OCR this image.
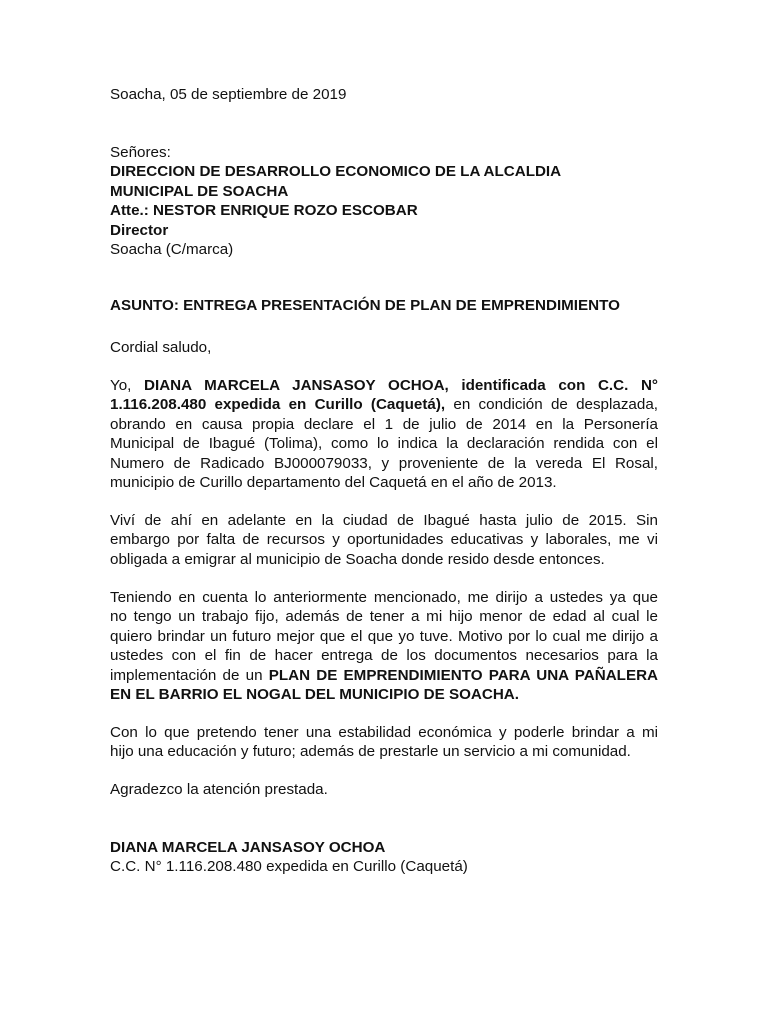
Soacha, 05 de septiembre de 2019
Señores:
DIRECCION DE DESARROLLO ECONOMICO DE LA ALCALDIA
MUNICIPAL DE SOACHA
Atte.: NESTOR ENRIQUE ROZO ESCOBAR
Director
Soacha (C/marca)
ASUNTO: ENTREGA PRESENTACIÓN DE PLAN DE EMPRENDIMIENTO
Cordial saludo,
Yo, DIANA MARCELA JANSASOY OCHOA, identificada con C.C. N°
1.116.208.480 expedida en Curillo (Caquetá), en condición de desplazada,
obrando en causa propia declare el 1 de julio de 2014 en la Personería
Municipal de Ibagué (Tolima), como lo indica la declaración rendida con el
Numero de Radicado BJ000079033, y proveniente de la vereda El Rosal,
municipio de Curillo departamento del Caquetá en el año de 2013.
Viví de ahí en adelante en la ciudad de Ibagué hasta julio de 2015. Sin
embargo por falta de recursos y oportunidades educativas y laborales, me vi
obligada a emigrar al municipio de Soacha donde resido desde entonces.
Teniendo en cuenta lo anteriormente mencionado, me dirijo a ustedes ya que
no tengo un trabajo fijo, además de tener a mi hijo menor de edad al cual le
quiero brindar un futuro mejor que el que yo tuve. Motivo por lo cual me dirijo a
ustedes con el fin de hacer entrega de los documentos necesarios para la
implementación de un PLAN DE EMPRENDIMIENTO PARA UNA PAÑALERA
EN EL BARRIO EL NOGAL DEL MUNICIPIO DE SOACHA.
Con lo que pretendo tener una estabilidad económica y poderle brindar a mi
hijo una educación y futuro; además de prestarle un servicio a mi comunidad.
Agradezco la atención prestada.
DIANA MARCELA JANSASOY OCHOA
C.C. N° 1.116.208.480 expedida en Curillo (Caquetá)
